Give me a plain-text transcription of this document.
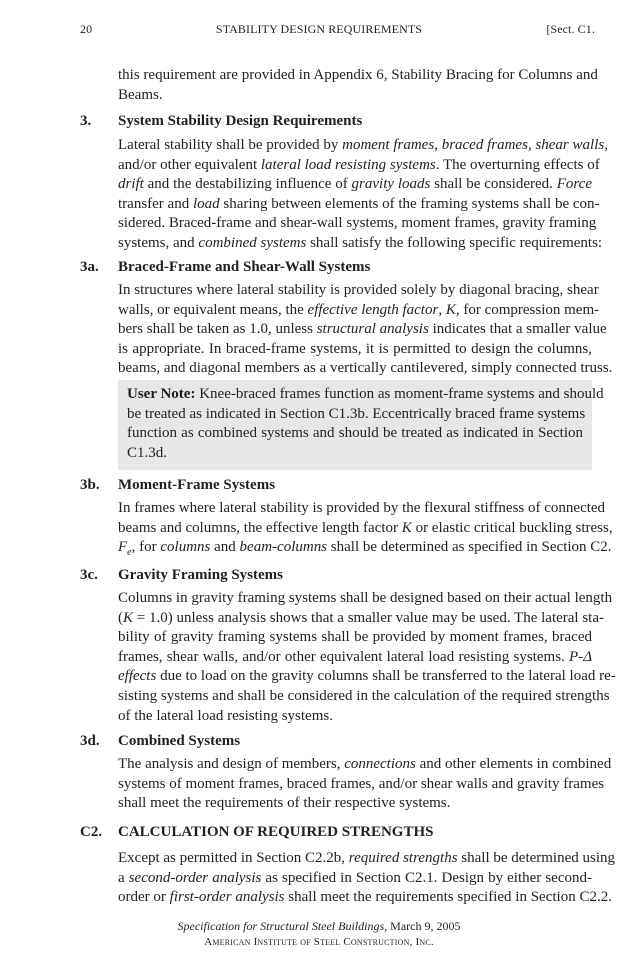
20	STABILITY DESIGN REQUIREMENTS	[Sect. C1.
this requirement are provided in Appendix 6, Stability Bracing for Columns and
Beams.
3. System Stability Design Requirements
Lateral stability shall be provided by moment frames, braced frames, shear walls,
and/or other equivalent lateral load resisting systems. The overturning effects of
drift and the destabilizing influence of gravity loads shall be considered. Force
transfer and load sharing between elements of the framing systems shall be con-
sidered. Braced-frame and shear-wall systems, moment frames, gravity framing
systems, and combined systems shall satisfy the following specific requirements:
3a. Braced-Frame and Shear-Wall Systems
In structures where lateral stability is provided solely by diagonal bracing, shear
walls, or equivalent means, the effective length factor, K, for compression mem-
bers shall be taken as 1.0, unless structural analysis indicates that a smaller value
is appropriate. In braced-frame systems, it is permitted to design the columns,
beams, and diagonal members as a vertically cantilevered, simply connected truss.
User Note: Knee-braced frames function as moment-frame systems and should
be treated as indicated in Section C1.3b. Eccentrically braced frame systems
function as combined systems and should be treated as indicated in Section
C1.3d.
3b. Moment-Frame Systems
In frames where lateral stability is provided by the flexural stiffness of connected
beams and columns, the effective length factor K or elastic critical buckling stress,
$F_e$, for columns and beam-columns shall be determined as specified in Section C2.
3c. Gravity Framing Systems
Columns in gravity framing systems shall be designed based on their actual length
(K = 1.0) unless analysis shows that a smaller value may be used. The lateral sta-
bility of gravity framing systems shall be provided by moment frames, braced
frames, shear walls, and/or other equivalent lateral load resisting systems. P-Δ
effects due to load on the gravity columns shall be transferred to the lateral load re-
sisting systems and shall be considered in the calculation of the required strengths
of the lateral load resisting systems.
3d. Combined Systems
The analysis and design of members, connections and other elements in combined
systems of moment frames, braced frames, and/or shear walls and gravity frames
shall meet the requirements of their respective systems.
C2. CALCULATION OF REQUIRED STRENGTHS
Except as permitted in Section C2.2b, required strengths shall be determined using
a second-order analysis as specified in Section C2.1. Design by either second-
order or first-order analysis shall meet the requirements specified in Section C2.2.
Specification for Structural Steel Buildings, March 9, 2005
American Institute of Steel Construction, Inc.
